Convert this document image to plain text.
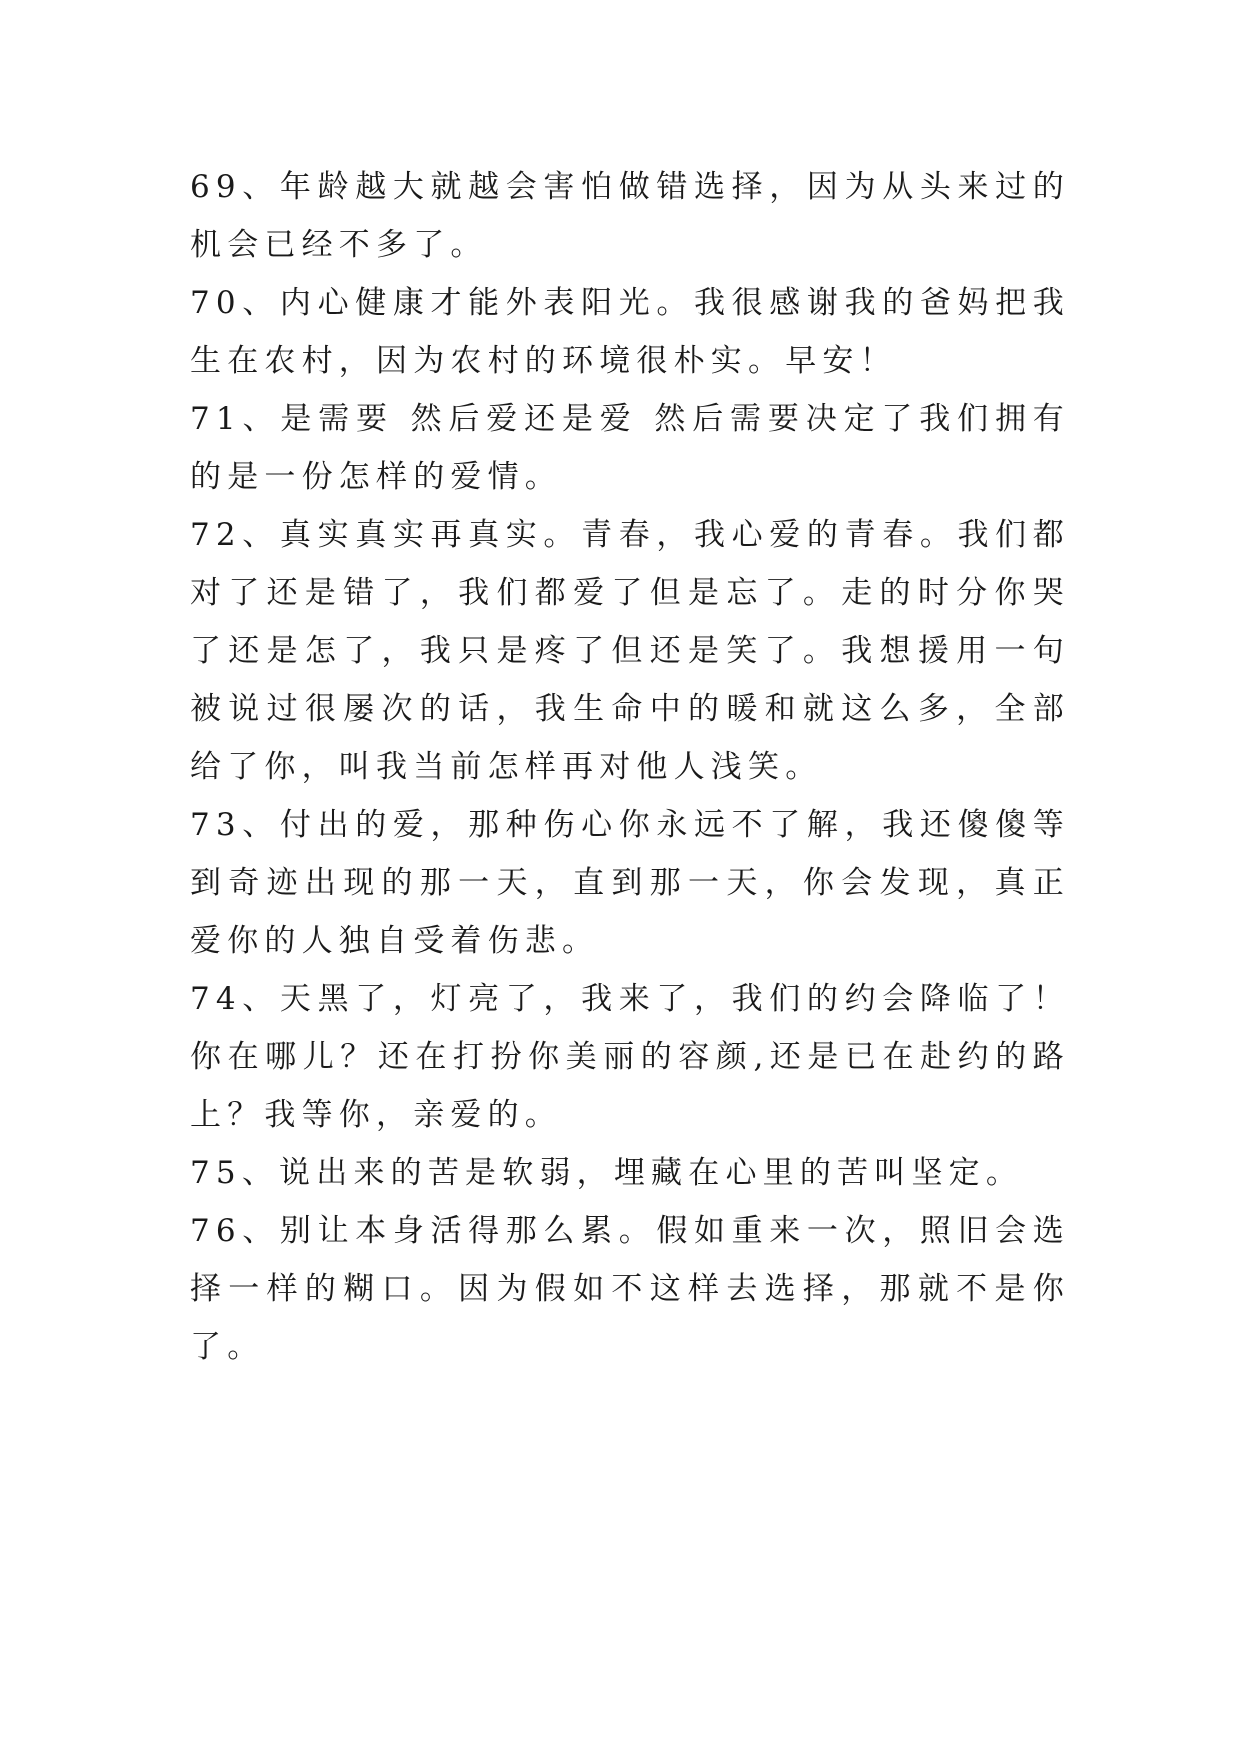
69、年龄越大就越会害怕做错选择，因为从头来过的机会已经不多了。

70、内心健康才能外表阳光。我很感谢我的爸妈把我生在农村，因为农村的环境很朴实。早安！

71、是需要 然后爱还是爱 然后需要决定了我们拥有的是一份怎样的爱情。

72、真实真实再真实。青春，我心爱的青春。我们都对了还是错了，我们都爱了但是忘了。走的时分你哭了还是怎了，我只是疼了但还是笑了。我想援用一句被说过很屡次的话，我生命中的暖和就这么多，全部给了你，叫我当前怎样再对他人浅笑。

73、付出的爱，那种伤心你永远不了解，我还傻傻等到奇迹出现的那一天，直到那一天，你会发现，真正爱你的人独自受着伤悲。

74、天黑了，灯亮了，我来了，我们的约会降临了！你在哪儿？还在打扮你美丽的容颜,还是已在赴约的路上？我等你，亲爱的。

75、说出来的苦是软弱，埋藏在心里的苦叫坚定。

76、别让本身活得那么累。假如重来一次，照旧会选择一样的糊口。因为假如不这样去选择，那就不是你了。
